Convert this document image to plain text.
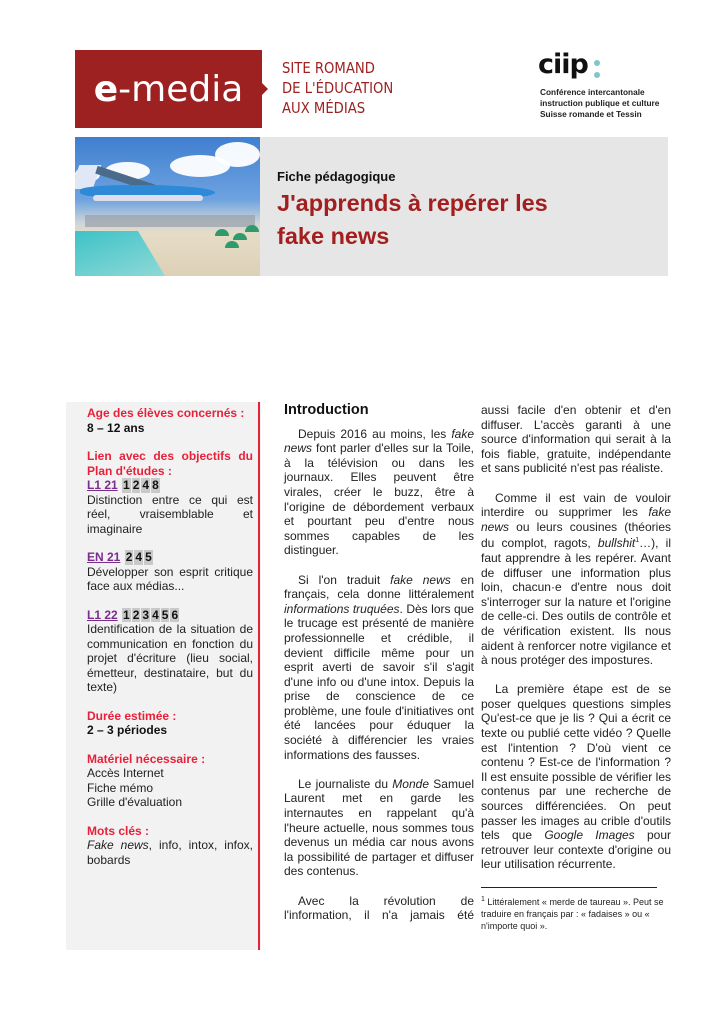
e -media
SITE ROMAND
DE L'ÉDUCATION
AUX MÉDIAS
ciip
Conférence intercantonale
instruction publique et culture
Suisse romande et Tessin
Fiche pédagogique
J'apprends à repérer les
fake news
Age des élèves concernés :
8 – 12 ans
Lien avec des objectifs du Plan d'études :
L1 21 1 2 4 8
Distinction entre ce qui est réel, vraisemblable et imaginaire
EN 21 2 4 5
Développer son esprit critique face aux médias...
L1 22 1 2 3 4 5 6
Identification de la situation de communication en fonction du projet d'écriture (lieu social, émetteur, destinataire, but du texte)
Durée estimée :
2 – 3 périodes
Matériel nécessaire :
Accès Internet
Fiche mémo
Grille d'évaluation
Mots clés :
Fake news, info, intox, infox, bobards
Introduction

Depuis 2016 au moins, les fake news font parler d'elles sur la Toile, à la télévision ou dans les journaux. Elles peuvent être virales, créer le buzz, être à l'origine de débordement verbaux et pourtant peu d'entre nous sommes capables de les distinguer.

Si l'on traduit fake news en français, cela donne littéralement informations truquées. Dès lors que le trucage est présenté de manière professionnelle et crédible, il devient difficile même pour un esprit averti de savoir s'il s'agit d'une info ou d'une intox. Depuis la prise de conscience de ce problème, une foule d'initiatives ont été lancées pour éduquer la société à différencier les vraies informations des fausses.

Le journaliste du Monde Samuel Laurent met en garde les internautes en rappelant qu'à l'heure actuelle, nous sommes tous devenus un média car nous avons la possibilité de partager et diffuser des contenus.

Avec la révolution de l'information, il n'a jamais été

aussi facile d'en obtenir et d'en diffuser. L'accès garanti à une source d'information qui serait à la fois fiable, gratuite, indépendante et sans publicité n'est pas réaliste.

Comme il est vain de vouloir interdire ou supprimer les fake news ou leurs cousines (théories du complot, ragots, bullshit$^1$…), il faut apprendre à les repérer. Avant de diffuser une information plus loin, chacun·e d'entre nous doit s'interroger sur la nature et l'origine de celle-ci. Des outils de contrôle et de vérification existent. Ils nous aident à renforcer notre vigilance et à nous protéger des impostures.

La première étape est de se poser quelques questions simples Qu'est-ce que je lis ? Qui a écrit ce texte ou publié cette vidéo ? Quelle est l'intention ? D'où vient ce contenu ? Est-ce de l'information ? Il est ensuite possible de vérifier les contenus par une recherche de sources différenciées. On peut passer les images au crible d'outils tels que Google Images pour retrouver leur contexte d'origine ou leur utilisation récurrente.

$^1$ Littéralement « merde de taureau ». Peut se traduire en français par : « fadaises » ou « n'importe quoi ».
